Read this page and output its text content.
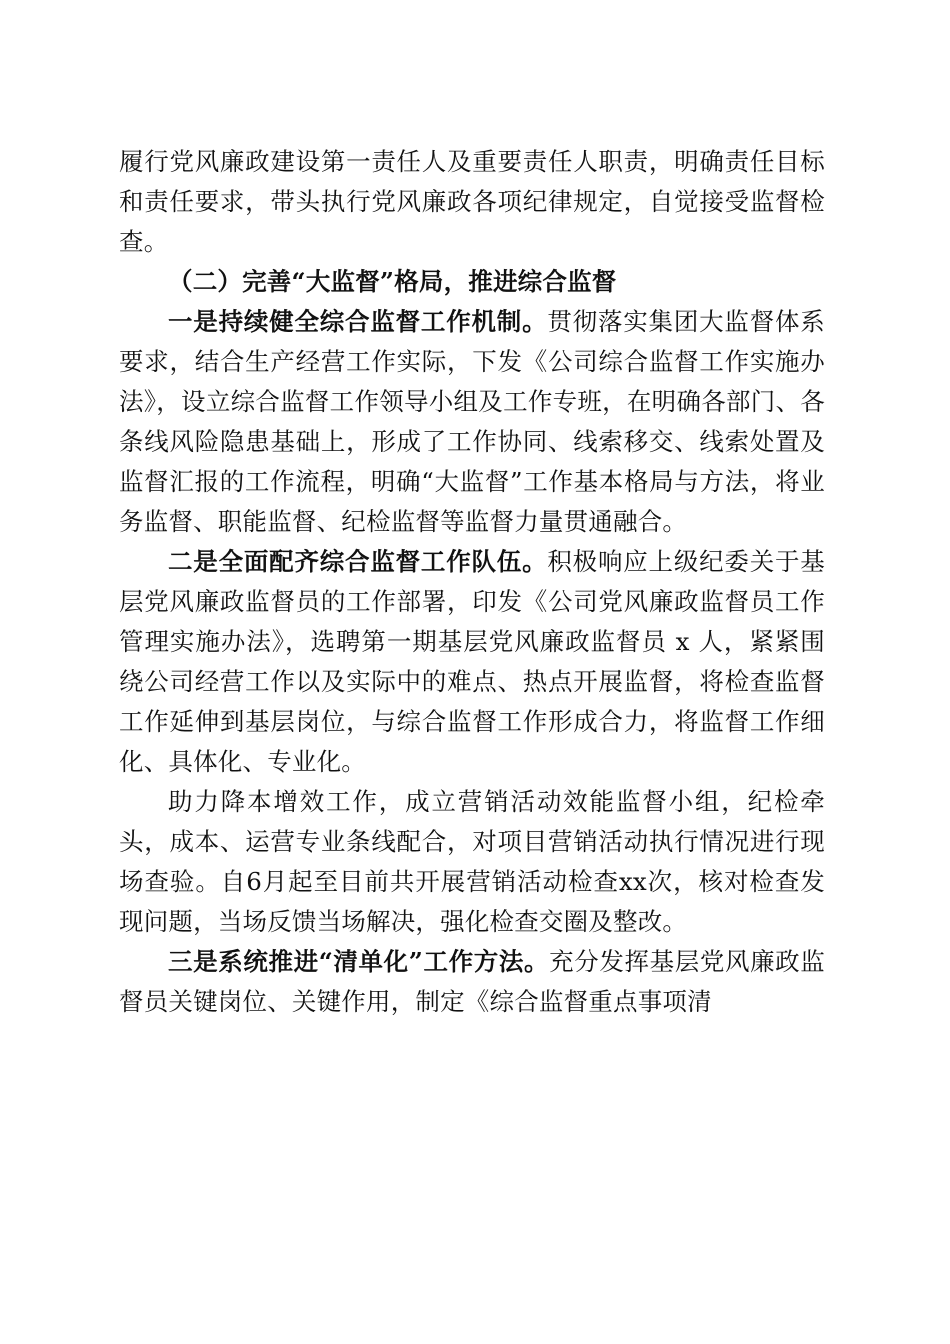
履行党风廉政建设第一责任人及重要责任人职责，明确责任目标和责任要求，带头执行党风廉政各项纪律规定，自觉接受监督检查。

（二）完善“大监督”格局，推进综合监督

一是持续健全综合监督工作机制。贯彻落实集团大监督体系要求，结合生产经营工作实际，下发《公司综合监督工作实施办法》，设立综合监督工作领导小组及工作专班，在明确各部门、各条线风险隐患基础上，形成了工作协同、线索移交、线索处置及监督汇报的工作流程，明确“大监督”工作基本格局与方法，将业务监督、职能监督、纪检监督等监督力量贯通融合。

二是全面配齐综合监督工作队伍。积极响应上级纪委关于基层党风廉政监督员的工作部署，印发《公司党风廉政监督员工作管理实施办法》，选聘第一期基层党风廉政监督员 x 人，紧紧围绕公司经营工作以及实际中的难点、热点开展监督，将检查监督工作延伸到基层岗位，与综合监督工作形成合力，将监督工作细化、具体化、专业化。

助力降本增效工作，成立营销活动效能监督小组，纪检牵头，成本、运营专业条线配合，对项目营销活动执行情况进行现场查验。自6月起至目前共开展营销活动检查xx次，核对检查发现问题，当场反馈当场解决，强化检查交圈及整改。

三是系统推进“清单化”工作方法。充分发挥基层党风廉政监督员关键岗位、关键作用，制定《综合监督重点事项清
